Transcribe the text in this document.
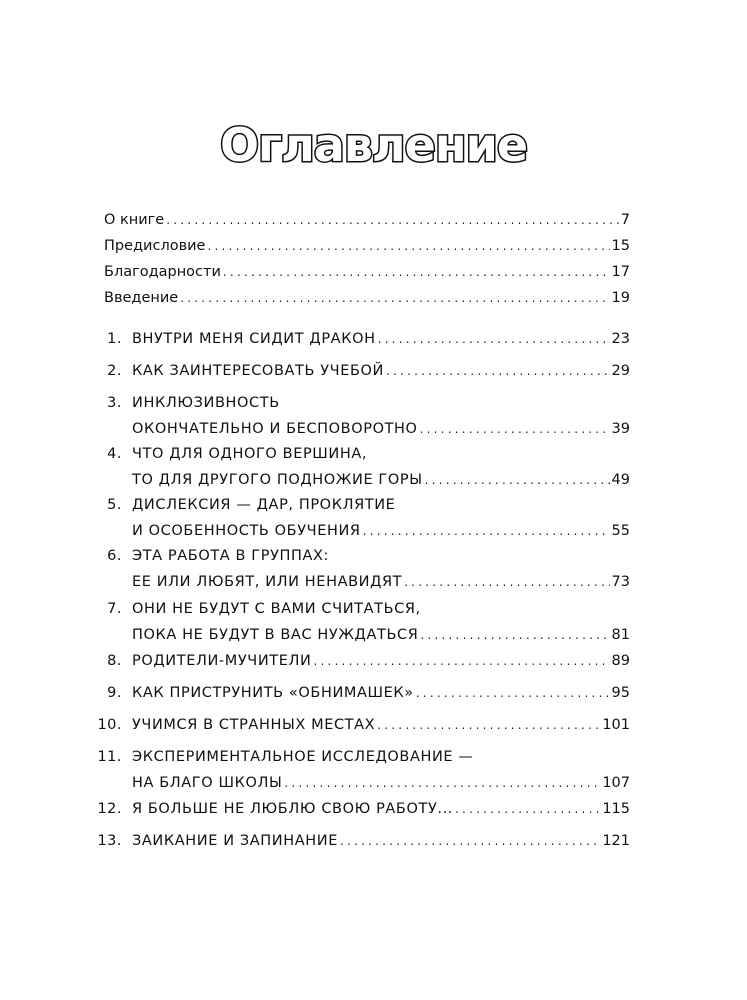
Оглавление
О книге . . .	7
Предисловие . . .	15
Благодарности . . .	17
Введение . . .	19
1. ВНУТРИ МЕНЯ СИДИТ ДРАКОН . . .	23
2. КАК ЗАИНТЕРЕСОВАТЬ УЧЕБОЙ . . .	29
3. ИНКЛЮЗИВНОСТЬ
ОКОНЧАТЕЛЬНО И БЕСПОВОРОТНО . . .	39
4. ЧТО ДЛЯ ОДНОГО ВЕРШИНА,
ТО ДЛЯ ДРУГОГО ПОДНОЖИЕ ГОРЫ . . .	49
5. ДИСЛЕКСИЯ — ДАР, ПРОКЛЯТИЕ
И ОСОБЕННОСТЬ ОБУЧЕНИЯ . . .	55
6. ЭТА РАБОТА В ГРУППАХ:
ЕЕ ИЛИ ЛЮБЯТ, ИЛИ НЕНАВИДЯТ . . .	73
7. ОНИ НЕ БУДУТ С ВАМИ СЧИТАТЬСЯ,
ПОКА НЕ БУДУТ В ВАС НУЖДАТЬСЯ . . .	81
8. РОДИТЕЛИ-МУЧИТЕЛИ . . .	89
9. КАК ПРИСТРУНИТЬ «ОБНИМАШЕК» . . .	95
10. УЧИМСЯ В СТРАННЫХ МЕСТАХ . . .	101
11. ЭКСПЕРИМЕНТАЛЬНОЕ ИССЛЕДОВАНИЕ —
НА БЛАГО ШКОЛЫ . . .	107
12. Я БОЛЬШЕ НЕ ЛЮБЛЮ СВОЮ РАБОТУ... . . .	115
13. ЗАИКАНИЕ И ЗАПИНАНИЕ . . .	121
